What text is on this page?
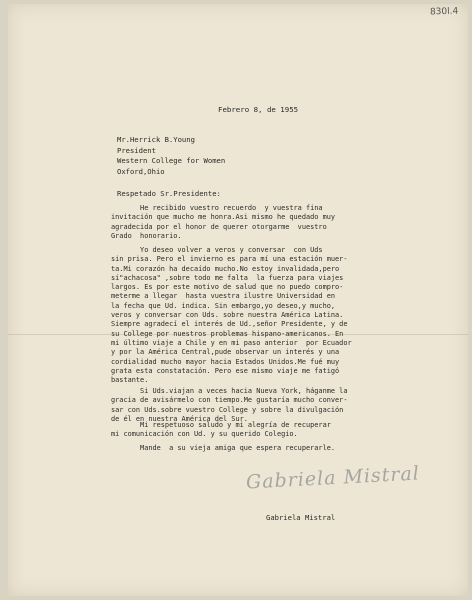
830l.4
Febrero 8, de 1955
Mr.Herrick B.Young
President
Western College for Women
Oxford,Ohio
Respetado Sr.Presidente:
He recibido vuestro recuerdo  y vuestra fina
invitación que mucho me honra.Asi mismo he quedado muy
agradecida por el honor de querer otorgarme  vuestro
Grado  honorario.
Yo deseo volver a veros y conversar  con Uds
sin prisa. Pero el invierno es para mí una estación muer-
ta.Mi corazón ha decaído mucho.No estoy invalidada,pero
sí"achacosa" ,sobre todo me falta  la fuerza para viajes
largos. Es por este motivo de salud que no puedo compro-
meterme a llegar  hasta vuestra ilustre Universidad en
la fecha que Ud. indica. Sin embargo,yo deseo,y mucho,
veros y conversar con Uds. sobre nuestra América Latina.
Siempre agradecí el interés de Ud.,señor Presidente, y de
su College por nuestros problemas hispano-americanos. En
mi último viaje a Chile y en mi paso anterior  por Ecuador
y por la América Central,pude observar un interés y una
cordialidad mucho mayor hacia Estados Unidos.Me fué muy
grata esta constatación. Pero ese mismo viaje me fatigó
bastante.
Si Uds.viajan a veces hacia Nueva York, háganme la
gracia de avisármelo con tiempo.Me gustaría mucho conver-
sar con Uds.sobre vuestro College y sobre la divulgación
de él en nuestra América del Sur.
Mi respetuoso saludo y mi alegría de recuperar
mi comunicación con Ud. y su querido Colegio.
Mande  a su vieja amiga que espera recuperarle.
Gabriela Mistral
Gabriela Mistral
